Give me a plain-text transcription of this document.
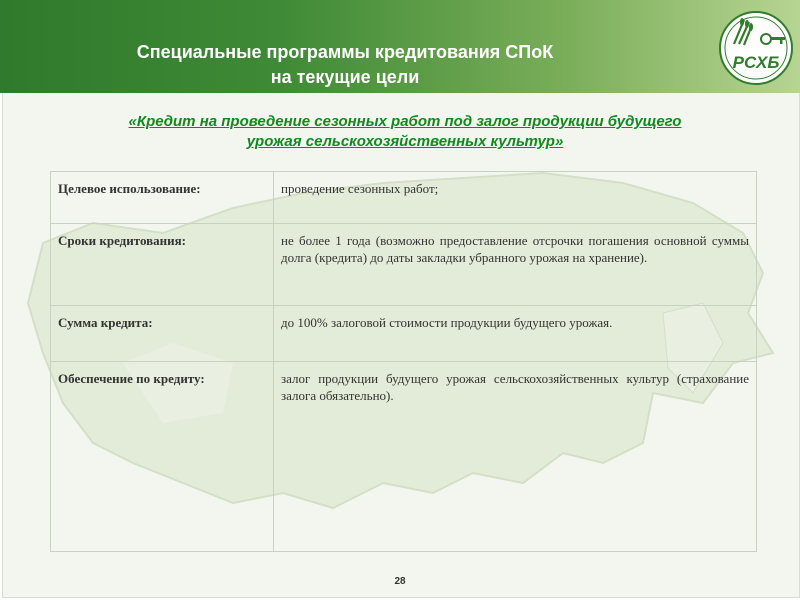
Специальные программы кредитования СПоК
на текущие цели
РСХБ
«Кредит на проведение сезонных работ под залог продукции будущего
урожая сельскохозяйственных культур»
Целевое использование:	проведение сезонных работ;
Сроки кредитования:	не более 1 года (возможно предоставление отсрочки погашения основной суммы долга (кредита) до даты закладки убранного урожая на хранение).
Сумма кредита:	до 100% залоговой стоимости продукции будущего урожая.
Обеспечение по кредиту:	залог продукции будущего урожая сельскохозяйственных культур (страхование залога обязательно).
28
